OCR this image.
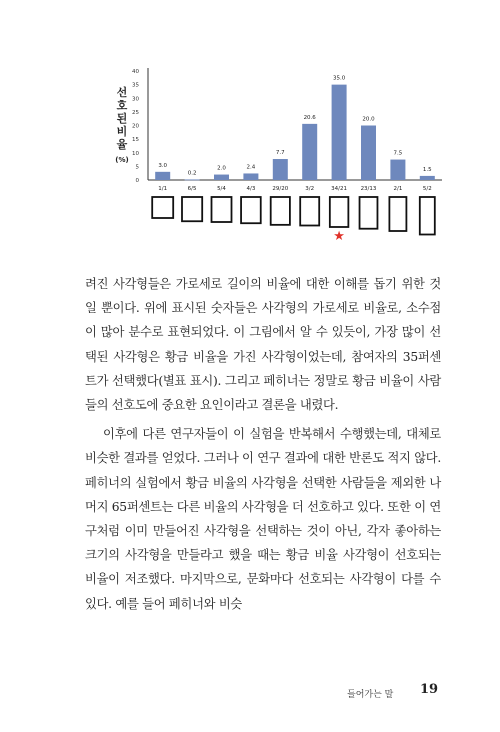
0
5
10
15
20
25
30
35
40
3.0
0.2
2.0	2.4
7.7
20.6
35.0
20.0
7.5
1.5
1/1	6/5	5/4	4/3	29/20	3/2	34/21 23/13	2/1	5/2
★
선
호
된
비
율
(%)

려진 사각형들은 가로세로 길이의 비율에 대한 이해를 돕기 위한 것일 뿐이다. 위에 표시된 숫자들은 사각형의 가로세로 비율로, 소수점이 많아 분수로 표현되었다. 이 그림에서 알 수 있듯이, 가장 많이 선택된 사각형은 황금 비율을 가진 사각형이었는데, 참여자의 35퍼센트가 선택했다(별표 표시). 그리고 페히너는 정말로 황금 비율이 사람들의 선호도에 중요한 요인이라고 결론을 내렸다.

이후에 다른 연구자들이 이 실험을 반복해서 수행했는데, 대체로 비슷한 결과를 얻었다. 그러나 이 연구 결과에 대한 반론도 적지 않다. 페히너의 실험에서 황금 비율의 사각형을 선택한 사람들을 제외한 나머지 65퍼센트는 다른 비율의 사각형을 더 선호하고 있다. 또한 이 연구처럼 이미 만들어진 사각형을 선택하는 것이 아닌, 각자 좋아하는 크기의 사각형을 만들라고 했을 때는 황금 비율 사각형이 선호되는 비율이 저조했다. 마지막으로, 문화마다 선호되는 사각형이 다를 수 있다. 예를 들어 페히너와 비슷

들어가는 말 19
